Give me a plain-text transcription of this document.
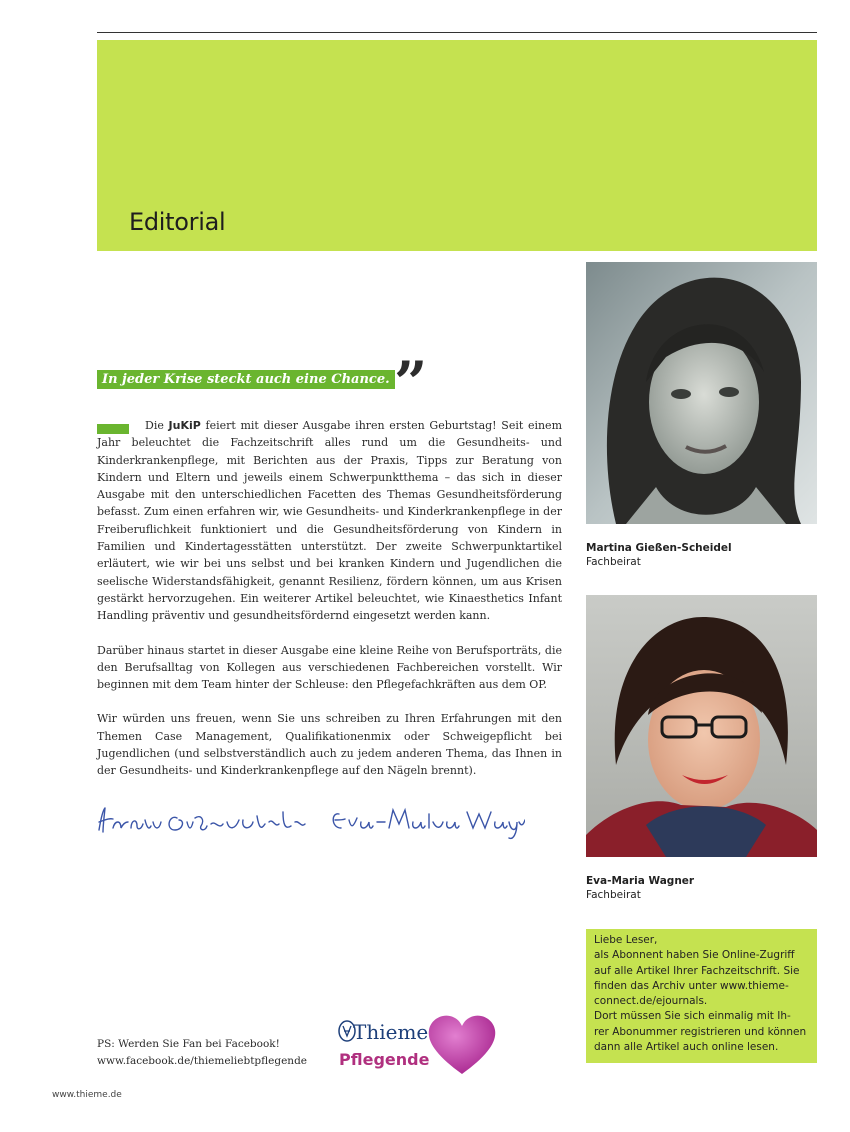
Editorial
Martina Gießen-Scheidel
Fachbeirat
Eva-Maria Wagner
Fachbeirat
In jeder Krise steckt auch eine Chance. ”

Die JuKiP feiert mit dieser Ausgabe ihren ersten Geburtstag! Seit einem Jahr beleuchtet die Fachzeitschrift alles rund um die Gesundheits- und Kinderkrankenpflege, mit Berichten aus der Praxis, Tipps zur Beratung von Kindern und Eltern und jeweils einem Schwerpunktthema – das sich in dieser Ausgabe mit den unterschiedlichen Facetten des Themas Gesundheitsförderung befasst. Zum einen erfahren wir, wie Gesundheits- und Kinderkrankenpflege in der Freiberuflichkeit funktioniert und die Gesundheitsförderung von Kindern in Familien und Kindertagesstätten unterstützt. Der zweite Schwerpunktartikel erläutert, wie wir bei uns selbst und bei kranken Kindern und Jugendlichen die seelische Widerstandsfähigkeit, genannt Resilienz, fördern können, um aus Krisen gestärkt hervorzugehen. Ein weiterer Artikel beleuchtet, wie Kinaesthetics Infant Handling präventiv und gesundheitsfördernd eingesetzt werden kann.

Darüber hinaus startet in dieser Ausgabe eine kleine Reihe von Berufsporträts, die den Berufsalltag von Kollegen aus verschiedenen Fachbereichen vorstellt. Wir beginnen mit dem Team hinter der Schleuse: den Pflegefachkräften aus dem OP.

Wir würden uns freuen, wenn Sie uns schreiben zu Ihren Erfahrungen mit den Themen Case Management, Qualifikationenmix oder Schweigepflicht bei Jugendlichen (und selbstverständlich auch zu jedem anderen Thema, das Ihnen in der Gesundheits- und Kinderkrankenpflege auf den Nägeln brennt).

PS: Werden Sie Fan bei Facebook!
www.facebook.de/thiemeliebtpflegende
Thieme
Pflegende
Liebe Leser,
als Abonnent haben Sie Online-Zugriff
auf alle Artikel Ihrer Fachzeitschrift. Sie
finden das Archiv unter www.thieme-
connect.de/ejournals.
Dort müssen Sie sich einmalig mit Ih-
rer Abonummer registrieren und können
dann alle Artikel auch online lesen.
www.thieme.de
